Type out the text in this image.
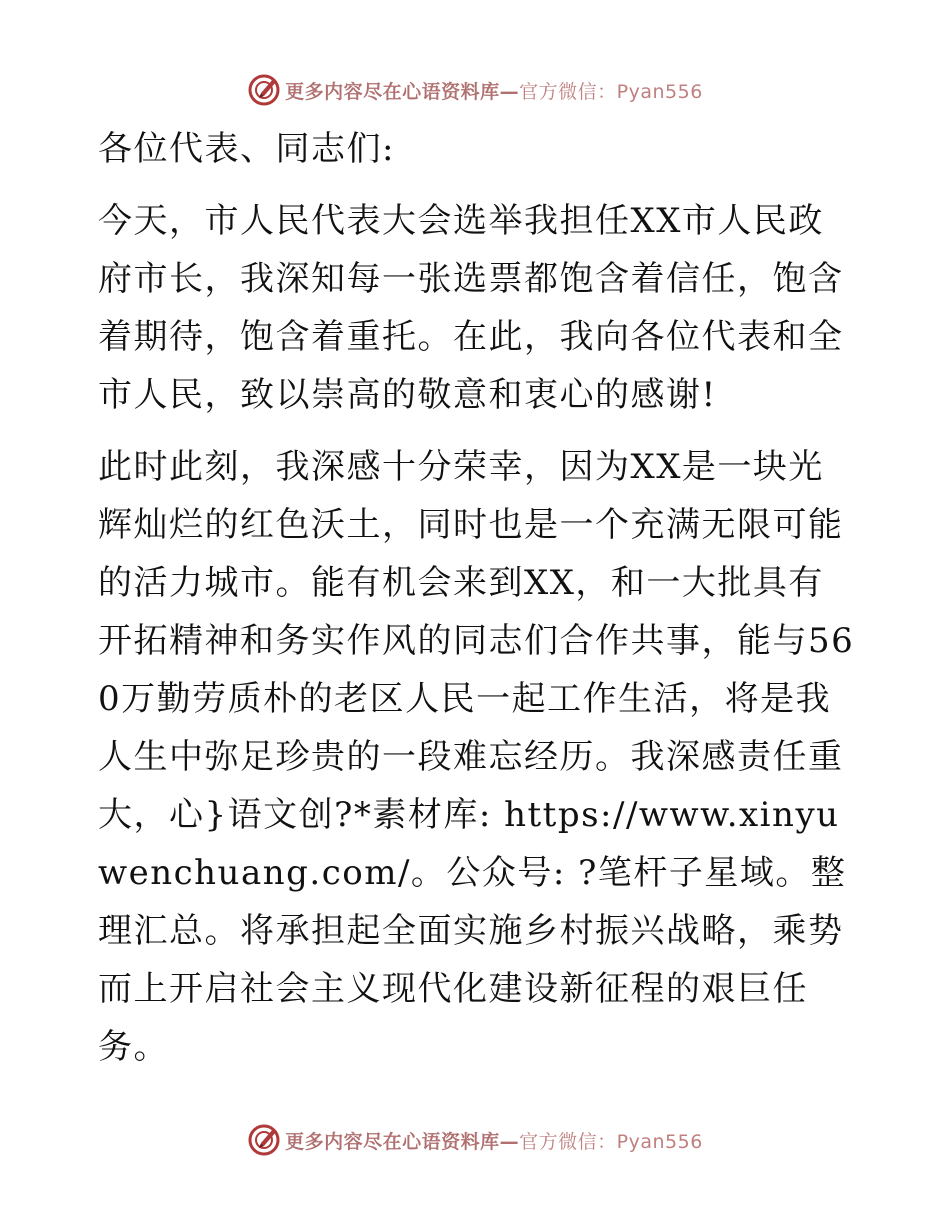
更多内容尽在心语资料库—官方微信：Pyan556

各位代表、同志们:

今天，市人民代表大会选举我担任XX市人民政府市长，我深知每一张选票都饱含着信任，饱含着期待，饱含着重托。在此，我向各位代表和全市人民，致以崇高的敬意和衷心的感谢!

此时此刻，我深感十分荣幸，因为XX是一块光辉灿烂的红色沃土，同时也是一个充满无限可能的活力城市。能有机会来到XX，和一大批具有开拓精神和务实作风的同志们合作共事，能与560万勤劳质朴的老区人民一起工作生活，将是我人生中弥足珍贵的一段难忘经历。我深感责任重大，心}语文创?*素材库: https://www.xinyuwenchuang.com/。公众号: ?笔杆子星域。整理汇总。将承担起全面实施乡村振兴战略，乘势而上开启社会主义现代化建设新征程的艰巨任务。

更多内容尽在心语资料库—官方微信：Pyan556
